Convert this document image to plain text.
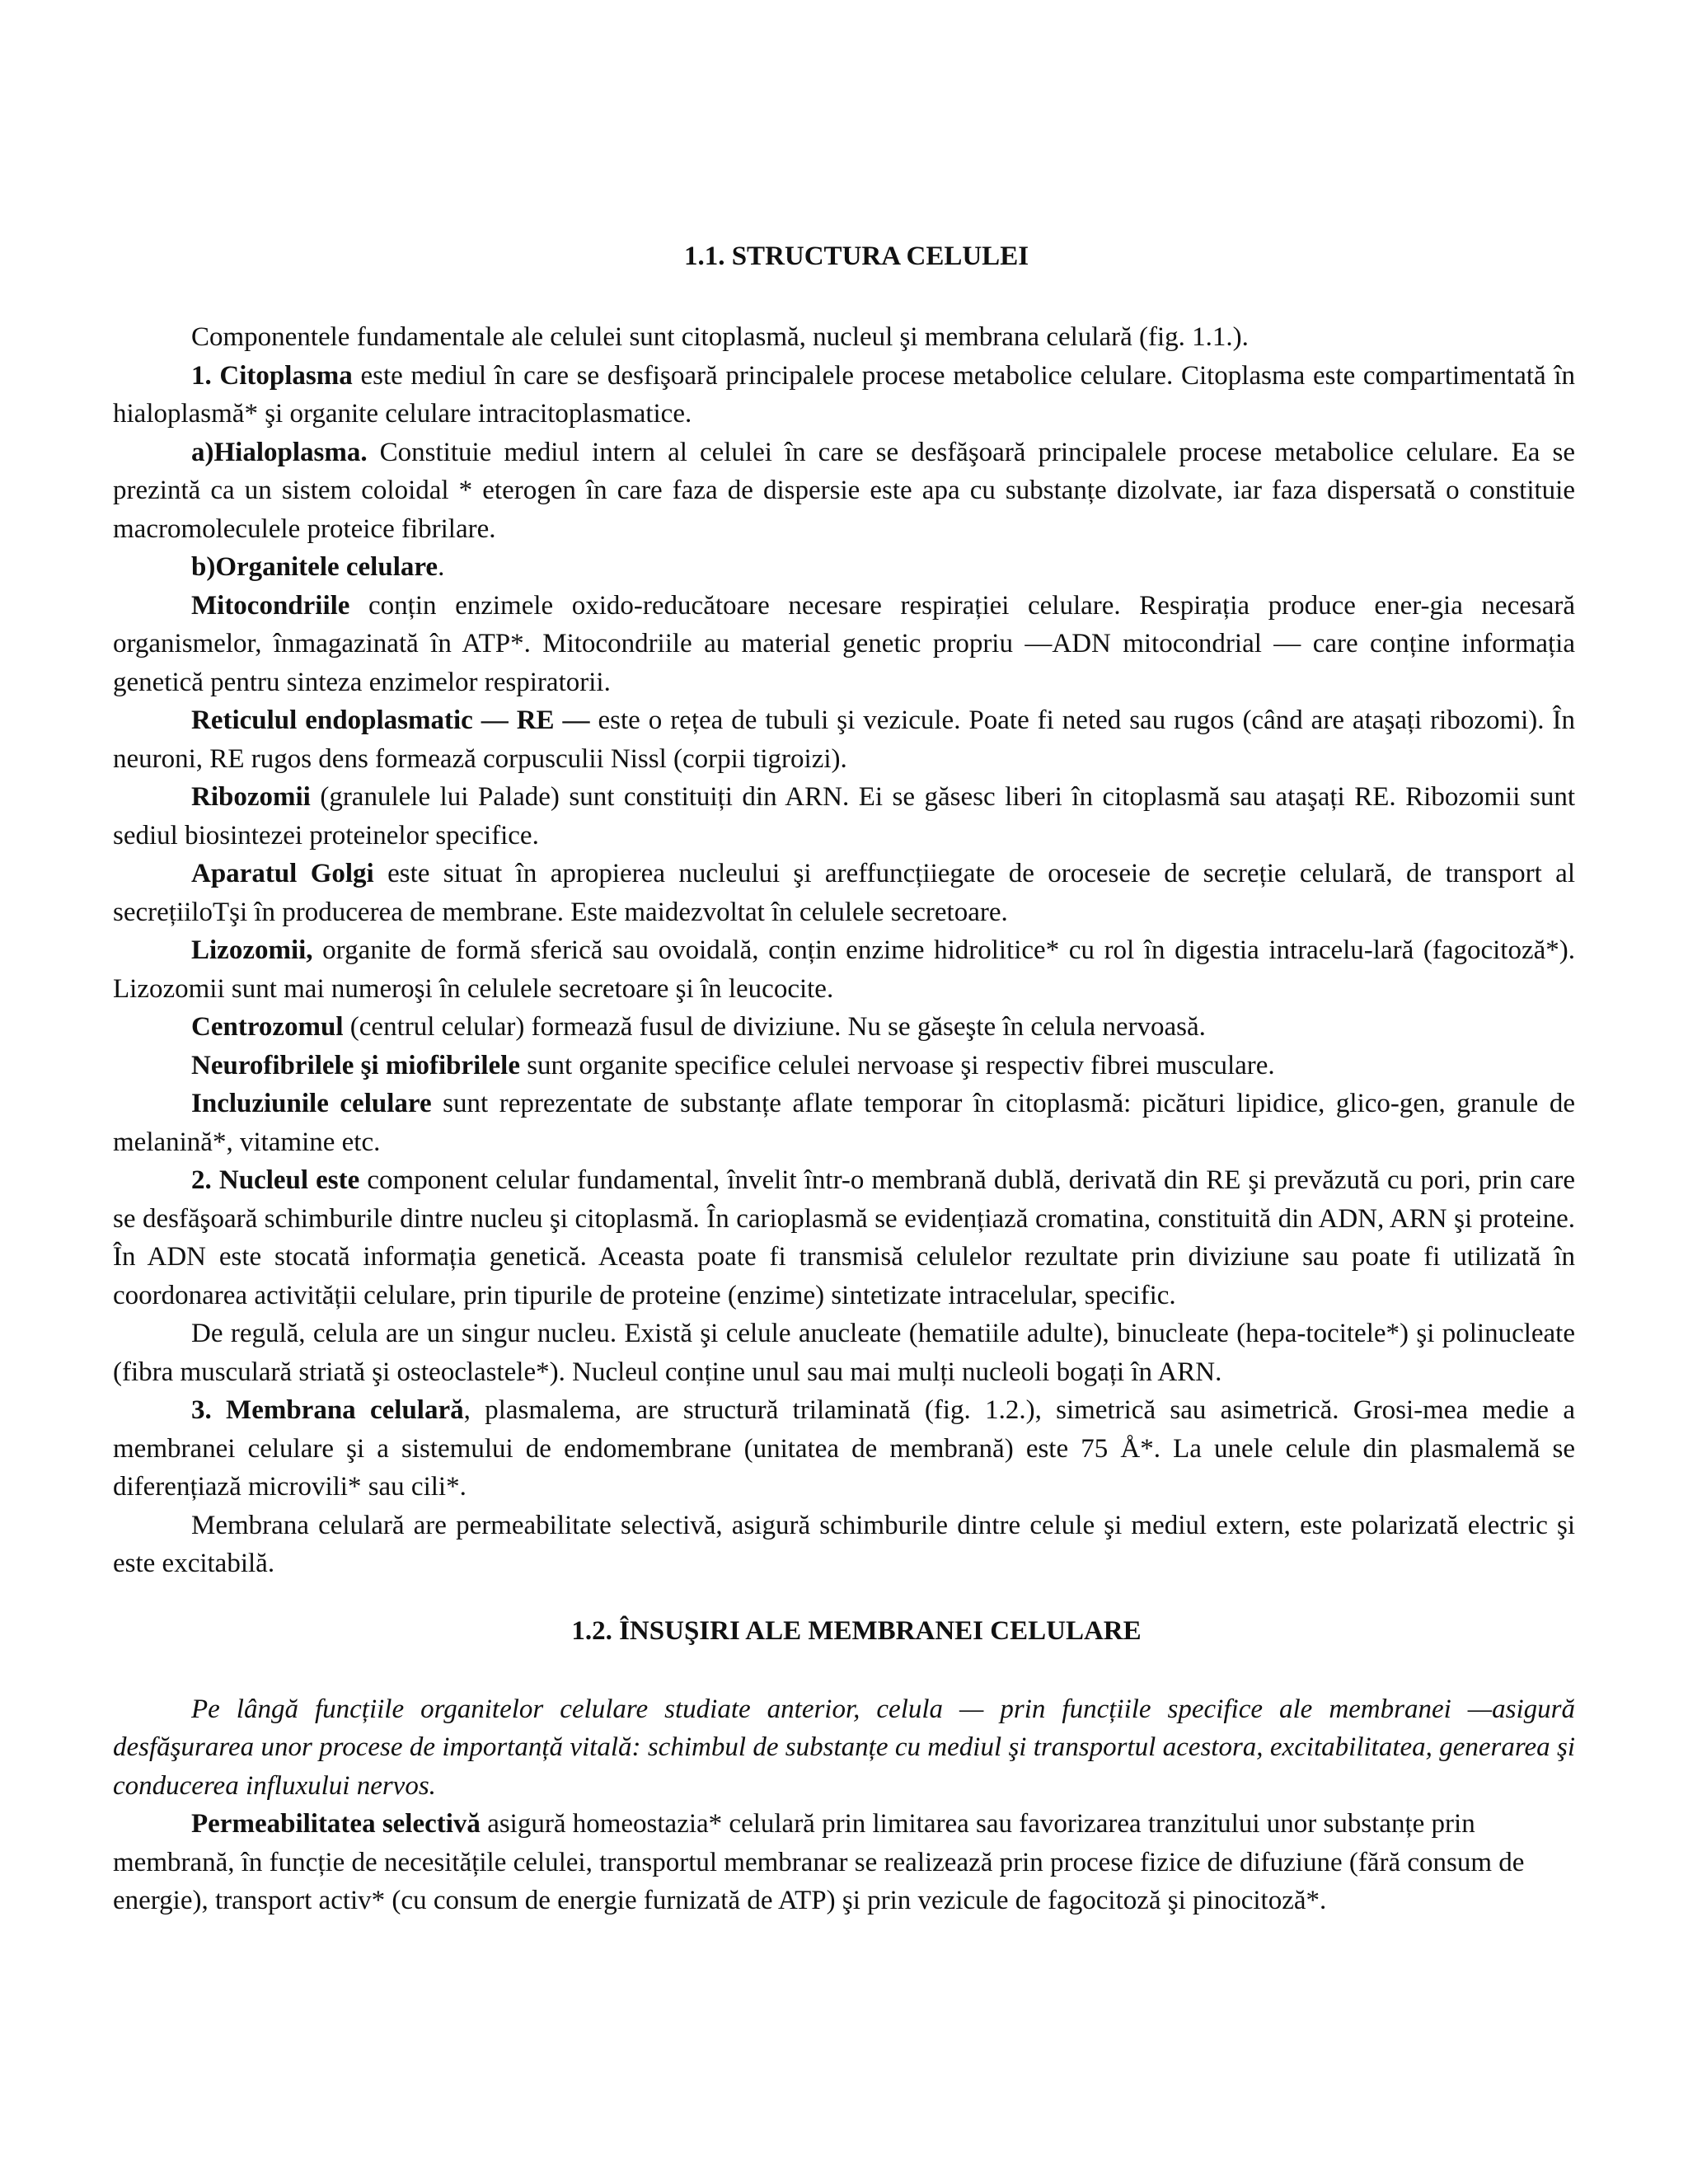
1.1. STRUCTURA CELULEI

Componentele fundamentale ale celulei sunt citoplasmă, nucleul şi membrana celulară (fig. 1.1.).

1. Citoplasma este mediul în care se desfişoară principalele procese metabolice celulare. Citoplasma este compartimentată în hialoplasmă* şi organite celulare intracitoplasmatice.

a)Hialoplasma. Constituie mediul intern al celulei în care se desfăşoară principalele procese metabolice celulare. Ea se prezintă ca un sistem coloidal * eterogen în care faza de dispersie este apa cu substanțe dizolvate, iar faza dispersată o constituie macromoleculele proteice fibrilare.

b)Organitele celulare.

Mitocondriile conțin enzimele oxido-reducătoare necesare respirației celulare. Respirația produce ener-gia necesară organismelor, înmagazinată în ATP*. Mitocondriile au material genetic propriu —ADN mitocondrial — care conține informația genetică pentru sinteza enzimelor respiratorii.

Reticulul endoplasmatic — RE — este o rețea de tubuli şi vezicule. Poate fi neted sau rugos (când are ataşați ribozomi). În neuroni, RE rugos dens formează corpusculii Nissl (corpii tigroizi).

Ribozomii (granulele lui Palade) sunt constituiți din ARN. Ei se găsesc liberi în citoplasmă sau ataşați RE. Ribozomii sunt sediul biosintezei proteinelor specifice.

Aparatul Golgi este situat în apropierea nucleului şi areffuncțiiegate de oroceseie de secreție celulară, de transport al secrețiiloTşi în producerea de membrane. Este maidezvoltat în celulele secretoare.

Lizozomii, organite de formă sferică sau ovoidală, conțin enzime hidrolitice* cu rol în digestia intracelu-lară (fagocitoză*). Lizozomii sunt mai numeroşi în celulele secretoare şi în leucocite.

Centrozomul (centrul celular) formează fusul de diviziune. Nu se găseşte în celula nervoasă.

Neurofibrilele şi miofibrilele sunt organite specifice celulei nervoase şi respectiv fibrei musculare.

Incluziunile celulare sunt reprezentate de substanțe aflate temporar în citoplasmă: picături lipidice, glico-gen, granule de melanină*, vitamine etc.

2. Nucleul este component celular fundamental, învelit într-o membrană dublă, derivată din RE şi prevăzută cu pori, prin care se desfăşoară schimburile dintre nucleu şi citoplasmă. În carioplasmă se evidențiază cromatina, constituită din ADN, ARN şi proteine. În ADN este stocată informația genetică. Aceasta poate fi transmisă celulelor rezultate prin diviziune sau poate fi utilizată în coordonarea activității celulare, prin tipurile de proteine (enzime) sintetizate intracelular, specific.

De regulă, celula are un singur nucleu. Există şi celule anucleate (hematiile adulte), binucleate (hepa-tocitele*) şi polinucleate (fibra musculară striată şi osteoclastele*). Nucleul conține unul sau mai mulți nucleoli bogați în ARN.

3. Membrana celulară, plasmalema, are structură trilaminată (fig. 1.2.), simetrică sau asimetrică. Grosi-mea medie a membranei celulare şi a sistemului de endomembrane (unitatea de membrană) este 75 Å*. La unele celule din plasmalemă se diferențiază microvili* sau cili*.

Membrana celulară are permeabilitate selectivă, asigură schimburile dintre celule şi mediul extern, este polarizată electric şi este excitabilă.

1.2. ÎNSUŞIRI ALE MEMBRANEI CELULARE

Pe lângă funcțiile organitelor celulare studiate anterior, celula — prin funcțiile specifice ale membranei —asigură desfăşurarea unor procese de importanță vitală: schimbul de substanțe cu mediul şi transportul acestora, excitabilitatea, generarea şi conducerea influxului nervos.

Permeabilitatea selectivă asigură homeostazia* celulară prin limitarea sau favorizarea tranzitului unor substanțe prin membrană, în funcție de necesitățile celulei, transportul membranar se realizează prin procese fizice de difuziune (fără consum de energie), transport activ* (cu consum de energie furnizată de ATP) şi prin vezicule de fagocitoză şi pinocitoză*.
